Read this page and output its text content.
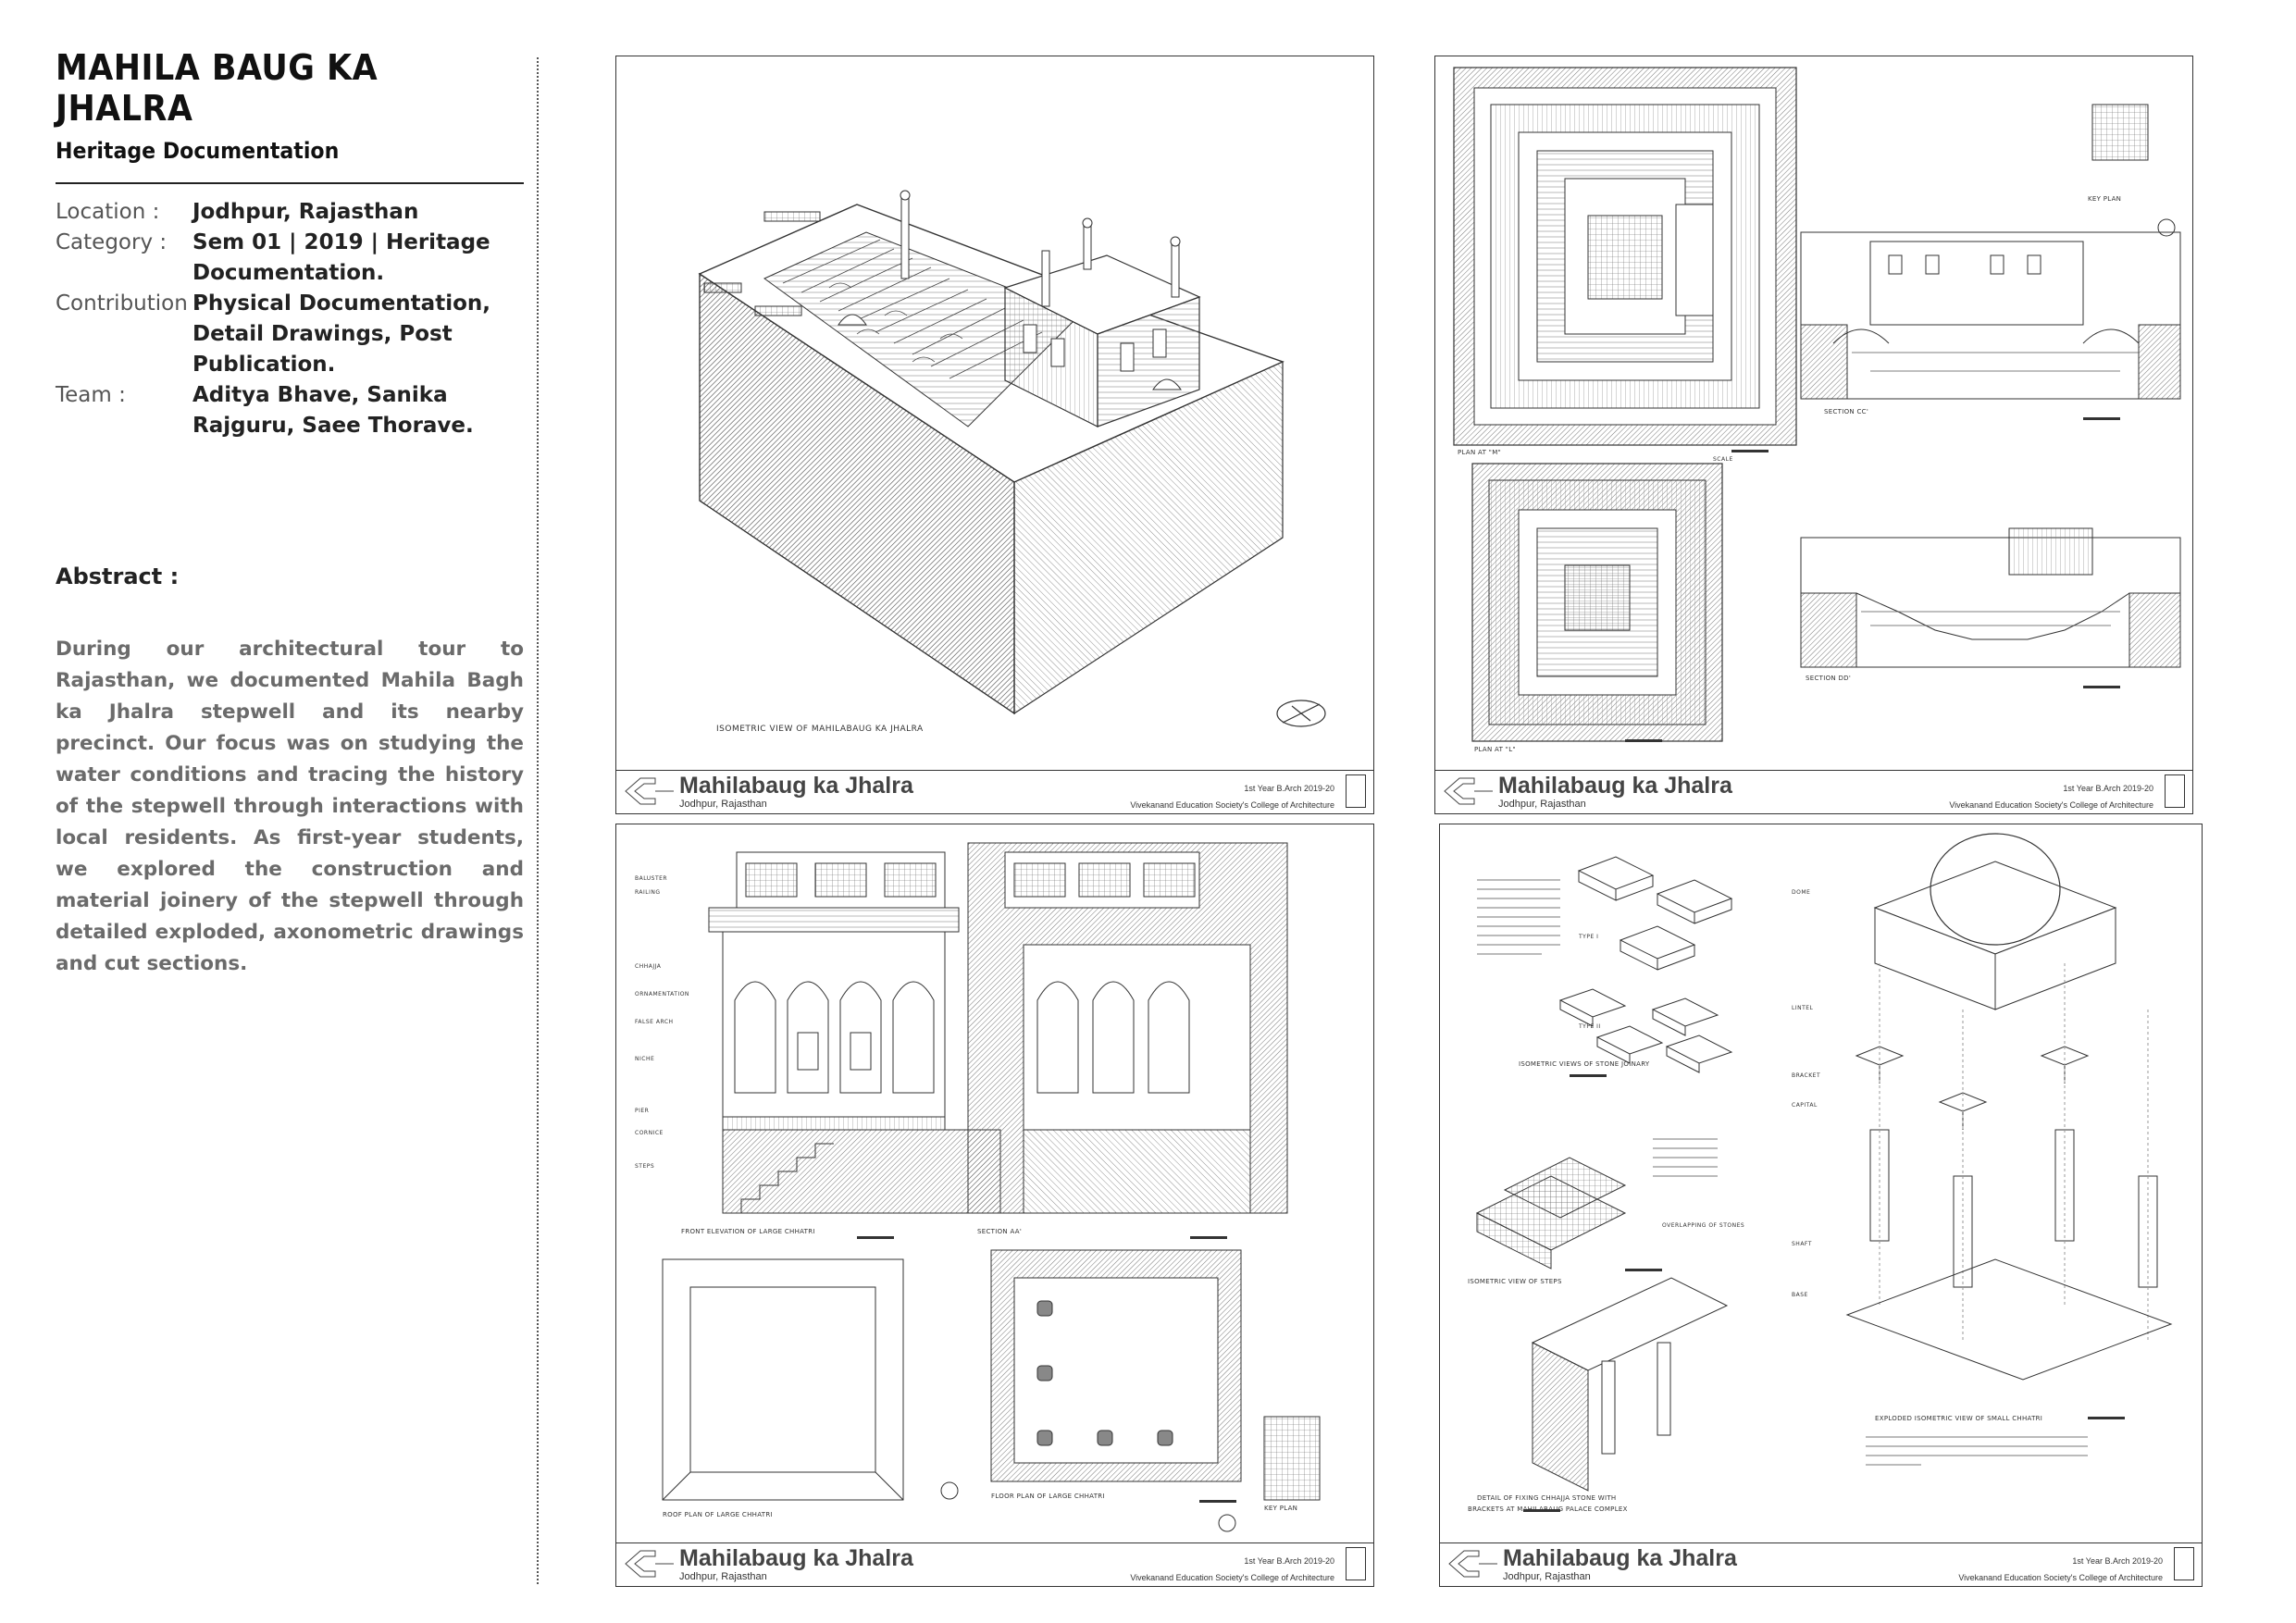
MAHILA BAUG KA JHALRA
Heritage Documentation
Location :	Jodhpur, Rajasthan
Category :	Sem 01 | 2019 | Heritage Documentation.
Contribution :
Physical Documentation, Detail Drawings, Post Publication.
Team :	Aditya Bhave, Sanika Rajguru, Saee Thorave.
Abstract :
During our architectural tour to Rajasthan, we documented Mahila Bagh ka Jhalra stepwell and its nearby precinct. Our focus was on studying the water conditions and tracing the history of the stepwell through interactions with local residents. As first-year students, we explored the construction and material joinery of the stepwell through detailed exploded, axonometric drawings and cut sections.
ISOMETRIC VIEW OF MAHILABAUG KA JHALRA
Mahilabaug ka Jhalra
Jodhpur, Rajasthan
1st Year B.Arch 2019-20
Vivekanand Education Society's College of Architecture
PLAN AT "M"
PLAN AT "L"
SECTION CC'
SECTION DD'
KEY PLAN
SCALE
Mahilabaug ka Jhalra
Jodhpur, Rajasthan
1st Year B.Arch 2019-20
Vivekanand Education Society's College of Architecture
FRONT ELEVATION OF LARGE CHHATRI	SECTION AA'
ROOF PLAN OF LARGE CHHATRI
FLOOR PLAN OF LARGE CHHATRI
KEY PLAN
BALUSTER
RAILING
CHHAJJA
ORNAMENTATION
FALSE ARCH
NICHE
PIER
CORNICE
STEPS
Mahilabaug ka Jhalra
Jodhpur, Rajasthan
1st Year B.Arch 2019-20
Vivekanand Education Society's College of Architecture
ISOMETRIC VIEWS OF STONE JOINARY
ISOMETRIC VIEW OF STEPS
DETAIL OF FIXING CHHAJJA STONE WITH
BRACKETS AT MAHILABAUG PALACE COMPLEX
EXPLODED ISOMETRIC VIEW OF SMALL CHHATRI
TYPE I
TYPE II
OVERLAPPING OF STONES
DOME
LINTEL
BRACKET
CAPITAL
SHAFT
BASE
Mahilabaug ka Jhalra
Jodhpur, Rajasthan
1st Year B.Arch 2019-20
Vivekanand Education Society's College of Architecture
